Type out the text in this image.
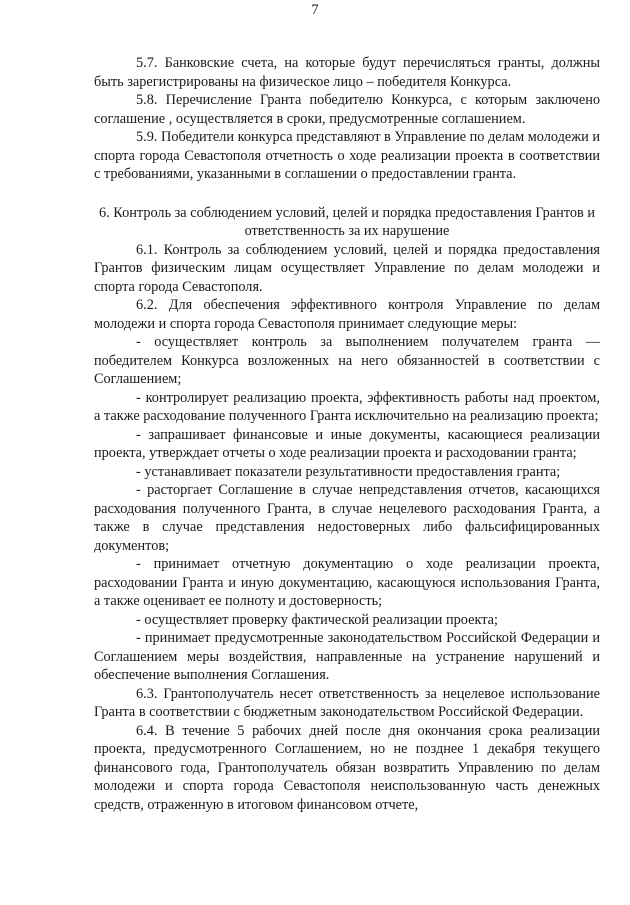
7

5.7. Банковские счета, на которые будут перечисляться гранты, должны быть зарегистрированы на физическое лицо – победителя Конкурса.

5.8. Перечисление Гранта победителю Конкурса, с которым заключено соглашение , осуществляется в сроки, предусмотренные соглашением.

5.9. Победители конкурса представляют в Управление по делам молодежи и спорта города Севастополя отчетность о ходе реализации проекта в соответствии с требованиями, указанными в соглашении о предоставлении гранта.

6. Контроль за соблюдением условий, целей и порядка предоставления Грантов и ответственность за их нарушение

6.1. Контроль за соблюдением условий, целей и порядка предоставления Грантов физическим лицам осуществляет Управление по делам молодежи и спорта города Севастополя.

6.2. Для обеспечения эффективного контроля Управление по делам молодежи и спорта города Севастополя принимает следующие меры:

- осуществляет контроль за выполнением получателем гранта — победителем Конкурса возложенных на него обязанностей в соответствии с Соглашением;

- контролирует реализацию проекта, эффективность работы над проектом, а также расходование полученного Гранта исключительно на реализацию проекта;

- запрашивает финансовые и иные документы, касающиеся реализации проекта, утверждает отчеты о ходе реализации проекта и расходовании гранта;

- устанавливает показатели результативности предоставления гранта;

- расторгает Соглашение в случае непредставления отчетов, касающихся расходования полученного Гранта, в случае нецелевого расходования Гранта, а также в случае представления недостоверных либо фальсифицированных документов;

- принимает отчетную документацию о ходе реализации проекта, расходовании Гранта и иную документацию, касающуюся использования Гранта, а также оценивает ее полноту и достоверность;

- осуществляет проверку фактической реализации проекта;

- принимает предусмотренные законодательством Российской Федерации и Соглашением меры воздействия, направленные на устранение нарушений и обеспечение выполнения Соглашения.

6.3. Грантополучатель несет ответственность за нецелевое использование Гранта в соответствии с бюджетным законодательством Российской Федерации.

6.4. В течение 5 рабочих дней после дня окончания срока реализации проекта, предусмотренного Соглашением, но не позднее 1 декабря текущего финансового года, Грантополучатель обязан возвратить Управлению по делам молодежи и спорта города Севастополя неиспользованную часть денежных средств, отраженную в итоговом финансовом отчете,
